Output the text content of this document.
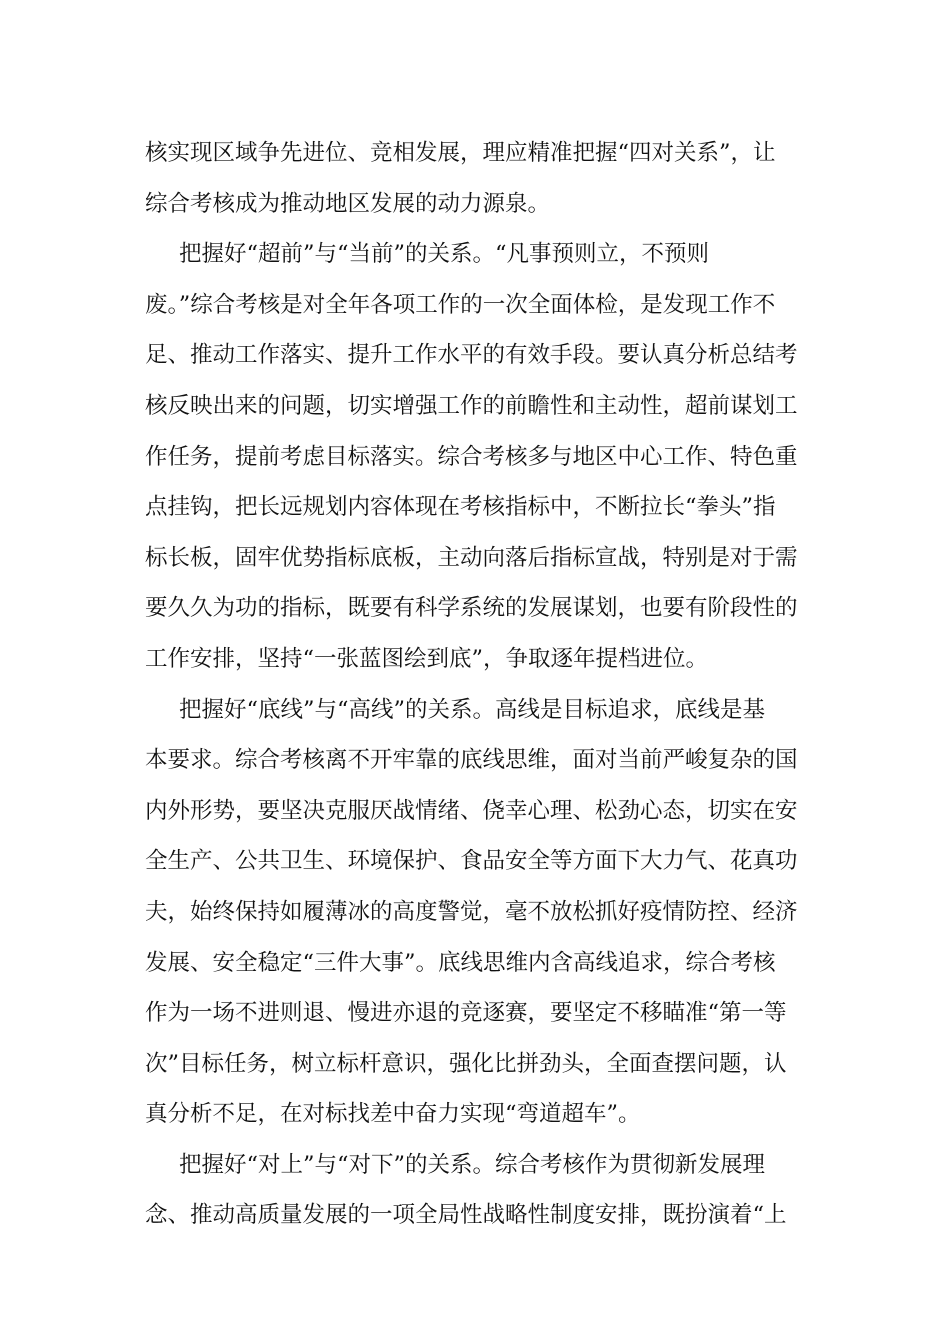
核实现区域争先进位、竞相发展，理应精准把握“四对关系”，让
综合考核成为推动地区发展的动力源泉。
把握好“超前”与“当前”的关系。“凡事预则立，不预则
废。”综合考核是对全年各项工作的一次全面体检，是发现工作不
足、推动工作落实、提升工作水平的有效手段。要认真分析总结考
核反映出来的问题，切实增强工作的前瞻性和主动性，超前谋划工
作任务，提前考虑目标落实。综合考核多与地区中心工作、特色重
点挂钩，把长远规划内容体现在考核指标中，不断拉长“拳头”指
标长板，固牢优势指标底板，主动向落后指标宣战，特别是对于需
要久久为功的指标，既要有科学系统的发展谋划，也要有阶段性的
工作安排，坚持“一张蓝图绘到底”，争取逐年提档进位。
把握好“底线”与“高线”的关系。高线是目标追求，底线是基
本要求。综合考核离不开牢靠的底线思维，面对当前严峻复杂的国
内外形势，要坚决克服厌战情绪、侥幸心理、松劲心态，切实在安
全生产、公共卫生、环境保护、食品安全等方面下大力气、花真功
夫，始终保持如履薄冰的高度警觉，毫不放松抓好疫情防控、经济
发展、安全稳定“三件大事”。底线思维内含高线追求，综合考核
作为一场不进则退、慢进亦退的竞逐赛，要坚定不移瞄准“第一等
次”目标任务，树立标杆意识，强化比拼劲头，全面查摆问题，认
真分析不足，在对标找差中奋力实现“弯道超车”。
把握好“对上”与“对下”的关系。综合考核作为贯彻新发展理
念、推动高质量发展的一项全局性战略性制度安排，既扮演着“上
